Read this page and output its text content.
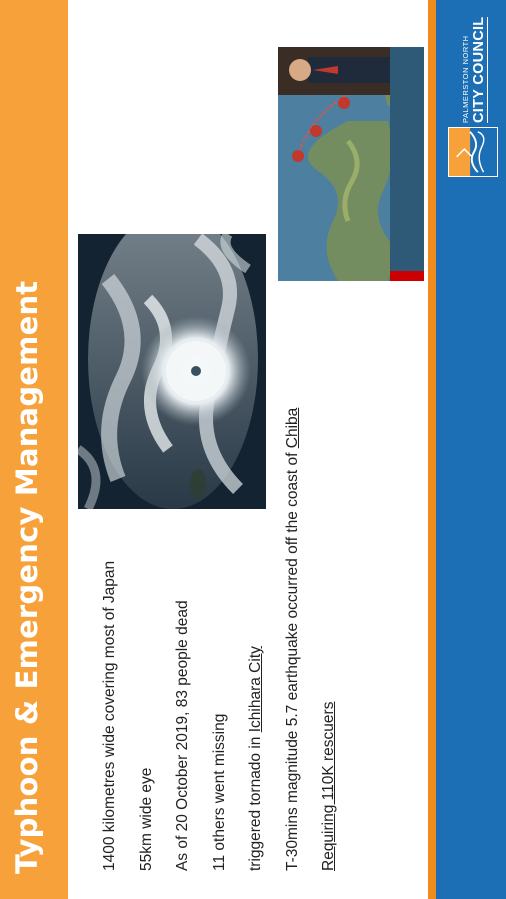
Typhoon & Emergency Management	1400 kilometres wide covering most of Japan	55km wide eye	As of 20 October 2019, 83 people dead	11 others went missing	triggered tornado in Ichihara City	T-30mins magnitude 5.7 earthquake occurred off the coast of Chiba
Requiring 110K rescuers
PALMERSTON NORTH CITY COUNCIL
